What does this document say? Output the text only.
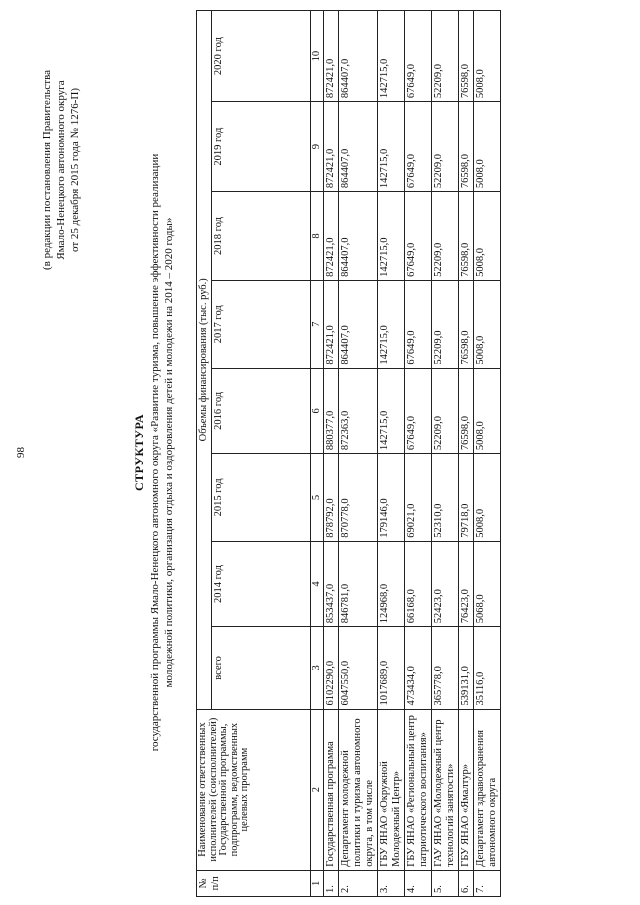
98
(в редакции постановления Правительства Ямало-Ненецкого автономного округа от 25 декабря 2015 года № 1276-П)
СТРУКТУРА государственной программы Ямало-Ненецкого автономного округа «Развитие туризма, повышение эффективности реализации молодежной политики, организация отдыха и оздоровления детей и молодежи на 2014 – 2020 годы»
№ п/п	Наименование ответственных исполнителей (соисполнителей) Государственной программы, подпрограмм, ведомственных целевых программ	Объемы финансирования (тыс. руб.)							
		всего	2014 год	2015 год	2016 год	2017 год	2018 год	2019 год	2020 год
1	2	3	4	5	6	7	8	9	10
1.	Государственная программа	6102290,0	853437,0	878792,0	880377,0	872421,0	872421,0	872421,0	872421,0
2.	Департамент молодежной политики и туризма автономного округа, в том числе	6047550,0	846781,0	870778,0	872363,0	864407,0	864407,0	864407,0	864407,0
3.	ГБУ ЯНАО «Окружной Молодежный Центр»	1017689,0	124968,0	179146,0	142715,0	142715,0	142715,0	142715,0	142715,0
4.	ГБУ ЯНАО «Региональный центр патриотического воспитания»	473434,0	66168,0	69021,0	67649,0	67649,0	67649,0	67649,0	67649,0
5.	ГАУ ЯНАО «Молодежный центр технологий занятости»	365778,0	52423,0	52310,0	52209,0	52209,0	52209,0	52209,0	52209,0
6.	ГБУ ЯНАО «Ямалтур»	539131,0	76423,0	79718,0	76598,0	76598,0	76598,0	76598,0	76598,0
7.	Департамент здравоохранения автономного округа	35116,0	5068,0	5008,0	5008,0	5008,0	5008,0	5008,0	5008,0
